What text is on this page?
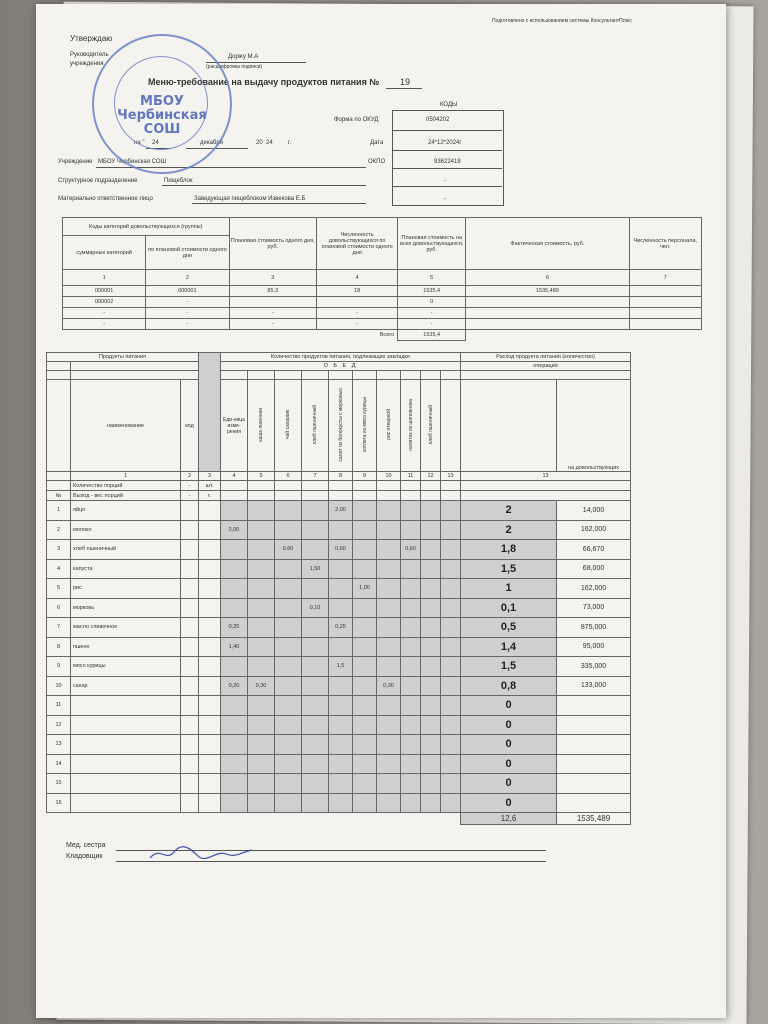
Подготовлено с использованием системы КонсультантПлюс
Утверждаю
Руководитель
учреждения
Доржу М.А
(расшифровка подписи)
Меню-требование на выдачу продуктов питания № 19
на " 24	декабря	20 24	г.
КОДЫ
Форма по ОКУД	0504202
Дата	24*12*2024г
Учреждение МБОУ Чербинская СОШ	ОКПО	93622418
Структурное подразделение	Пищеблок	-
Материально ответственное лицо	Заведующая пищеблоком Извекова Е.Б	-
МБОУ
Чербинская
СОШ
Коды категорий довольствующихся (группы)		Плановая стоимость одного дня, руб.	Численность довольствующихся по плановой стоимости одного дня	Плановая стоимость на всех довольствующихся, руб.	Фактическая стоимость, руб.	Численность персонала, чел.
суммарных категорий	по плановой стоимости одного дня					
1	2	3	4	5	6	7
000001	000001	85,3	18	1535,4	1535,489	
000002	-			0		
-	-	-	-	-		
-	-	-	-	-		
Всего				1535,4		
Продукты питания				Количество продуктов питания, подлежащих закладке										Расход продукта питания (количество)		
				О Б Е Д										операция		

	наименование	код		Еди-ница изме-рения	каша пшенная	чай сахаром	хлеб пшеничный	салат из белокусты с морковью	котлета из мясо курицы	рис отварной	напиток из шиповника	хлеб пшеничный			на довольствующих	
	1	2	3	4	5	6	7	8	9	10	11	12	13	13		
	Количество порций	-	шт.													
№	Выход - вес порций	-	г.													
1	яйцо							2,00						2	14,000	

2	молоко			2,00										2	162,000	

3	хлеб пшеничный					0,60		0,60			0,60			1,8	66,670	

4	капуста						1,50							1,5	68,000	

5	рис								1,00					1	162,000	

6	морковь						0,10							0,1	73,000	

7	масло сливочное			0,25				0,25						0,5	875,000	

8	пшено			1,40										1,4	95,000	

9	мясо курицы							1,5						1,5	335,000	

10	сахар			0,20	0,30					0,30				0,8	133,000	

11														0		

12														0		

13														0		

14														0		

15														0		

16														0		

														12,6	1535,489	
Мед. сестра
Кладовщик
